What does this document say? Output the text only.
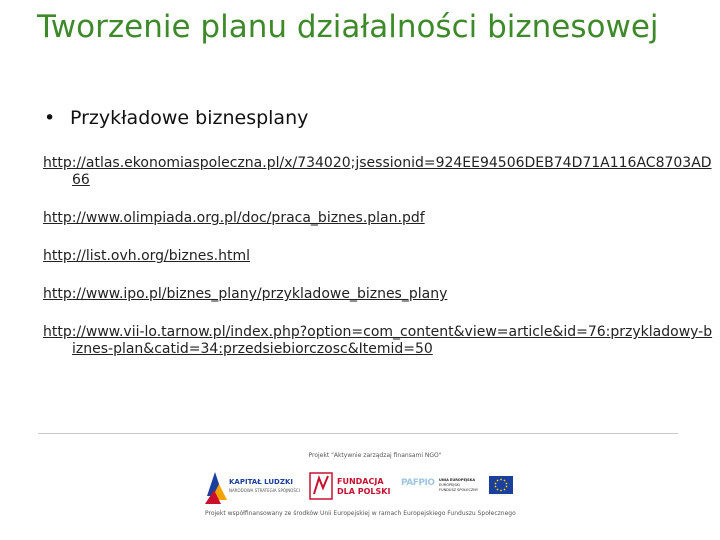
Tworzenie planu działalności biznesowej
• Przykładowe biznesplany
http://atlas.ekonomiaspoleczna.pl/x/734020;jsessionid=924EE94506DEB74D71A116AC8703AD66
http://www.olimpiada.org.pl/doc/praca_biznes.plan.pdf
http://list.ovh.org/biznes.html
http://www.ipo.pl/biznes_plany/przykladowe_biznes_plany
http://www.vii-lo.tarnow.pl/index.php?option=com_content&view=article&id=76:przykladowy-biznes-plan&catid=34:przedsiebiorczosc&Itemid=50
Projekt "Aktywnie zarządzaj finansami NGO"
KAPITAŁ LUDZKI
NARODOWA STRATEGIA SPÓJNOŚCI
FUNDACJA
DLA POLSKI
PAFPIO UNIA EUROPEJSKA
EUROPEJSKI
FUNDUSZ SPOŁECZNY
Projekt współfinansowany ze środków Unii Europejskiej w ramach Europejskiego Funduszu Społecznego
